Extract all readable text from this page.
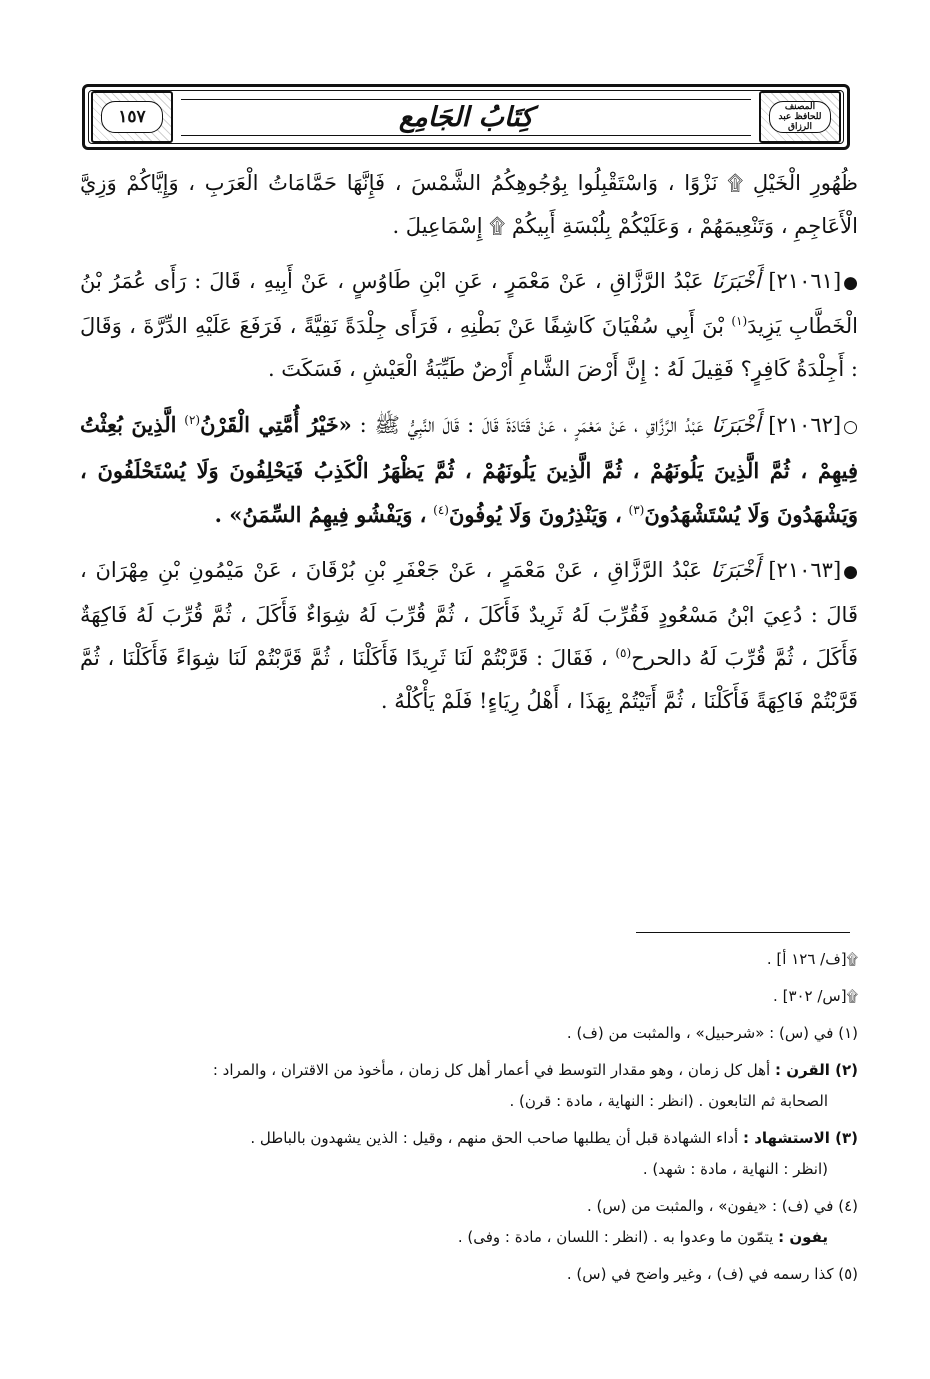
١٥٧	كِتَابُ الجَامِع	المصنف للحافظ عبد الرزاق

ظُهُورِ الْخَيْلِ ۩ نَزْوًا ، وَاسْتَقْبِلُوا بِوُجُوهِكُمُ الشَّمْسَ ، فَإِنَّهَا حَمَّامَاتُ الْعَرَبِ ، وَإِيَّاكُمْ وَزِيَّ الْأَعَاجِمِ ، وَتَنْعِيمَهُمْ ، وَعَلَيْكُمْ بِلُبْسَةِ أَبِيكُمْ ۩ إِسْمَاعِيلَ .

●[٢١٠٦١] أَخْبَرَنَا عَبْدُ الرَّزَّاقِ ، عَنْ مَعْمَرٍ ، عَنِ ابْنِ طَاوُسٍ ، عَنْ أَبِيهِ ، قَالَ : رَأَى عُمَرُ بْنُ الْخَطَّابِ يَزِيدَ$^{(١)}$ بْنَ أَبِي سُفْيَانَ كَاشِفًا عَنْ بَطْنِهِ ، فَرَأَى جِلْدَةً نَقِيَّةً ، فَرَفَعَ عَلَيْهِ الدِّرَّةَ ، وَقَالَ : أَجِلْدَةُ كَافِرٍ؟ فَقِيلَ لَهُ : إِنَّ أَرْضَ الشَّامِ أَرْضٌ طَيِّبَةُ الْعَيْشِ ، فَسَكَتَ .

○[٢١٠٦٢] أَخْبَرَنَا عَبْدُ الرَّزَّاقِ ، عَنْ مَعْمَرٍ ، عَنْ قَتَادَةَ قَالَ : قَالَ النَّبِيُّ ﷺ : «خَيْرُ أُمَّتِي الْقَرْنُ$^{(٢)}$ الَّذِينَ بُعِثْتُ فِيهِمْ ، ثُمَّ الَّذِينَ يَلُونَهُمْ ، ثُمَّ الَّذِينَ يَلُونَهُمْ ، ثُمَّ يَظْهَرُ الْكَذِبُ فَيَحْلِفُونَ وَلَا يُسْتَحْلَفُونَ ، وَيَشْهَدُونَ وَلَا يُسْتَشْهَدُونَ$^{(٣)}$ ، وَيَنْذِرُونَ وَلَا يُوفُونَ$^{(٤)}$ ، وَيَفْشُو فِيهِمُ السِّمَنُ» .

●[٢١٠٦٣] أَخْبَرَنَا عَبْدُ الرَّزَّاقِ ، عَنْ مَعْمَرٍ ، عَنْ جَعْفَرِ بْنِ بُرْقَانَ ، عَنْ مَيْمُونِ بْنِ مِهْرَانَ ، قَالَ : دُعِيَ ابْنُ مَسْعُودٍ فَقُرِّبَ لَهُ ثَرِيدٌ فَأَكَلَ ، ثُمَّ قُرِّبَ لَهُ شِوَاءٌ فَأَكَلَ ، ثُمَّ قُرِّبَ لَهُ فَاكِهَةٌ فَأَكَلَ ، ثُمَّ قُرِّبَ لَهُ دالحرح$^{(٥)}$ ، فَقَالَ : قَرَّبْتُمْ لَنَا ثَرِيدًا فَأَكَلْنَا ، ثُمَّ قَرَّبْتُمْ لَنَا شِوَاءً فَأَكَلْنَا ، ثُمَّ قَرَّبْتُمْ فَاكِهَةً فَأَكَلْنَا ، ثُمَّ أَتَيْتُمْ بِهَذَا ، أَهْلُ رِيَاءٍ! فَلَمْ يَأْكُلْهُ .

۩[ف/ ١٢٦ أ] .
۩[س/ ٣٠٢] .
(١) في (س) : «شرحبيل» ، والمثبت من (ف) .
(٢) القرن : أهل كل زمان ، وهو مقدار التوسط في أعمار أهل كل زمان ، مأخوذ من الاقتران ، والمراد :
الصحابة ثم التابعون . (انظر : النهاية ، مادة : قرن) .
(٣) الاستشهاد : أداء الشهادة قبل أن يطلبها صاحب الحق منهم ، وقيل : الذين يشهدون بالباطل .
(انظر : النهاية ، مادة : شهد) .
(٤) في (ف) : «يفون» ، والمثبت من (س) .
يفون : يتمّون ما وعدوا به . (انظر : اللسان ، مادة : وفى) .
(٥) كذا رسمه في (ف) ، وغير واضح في (س) .
